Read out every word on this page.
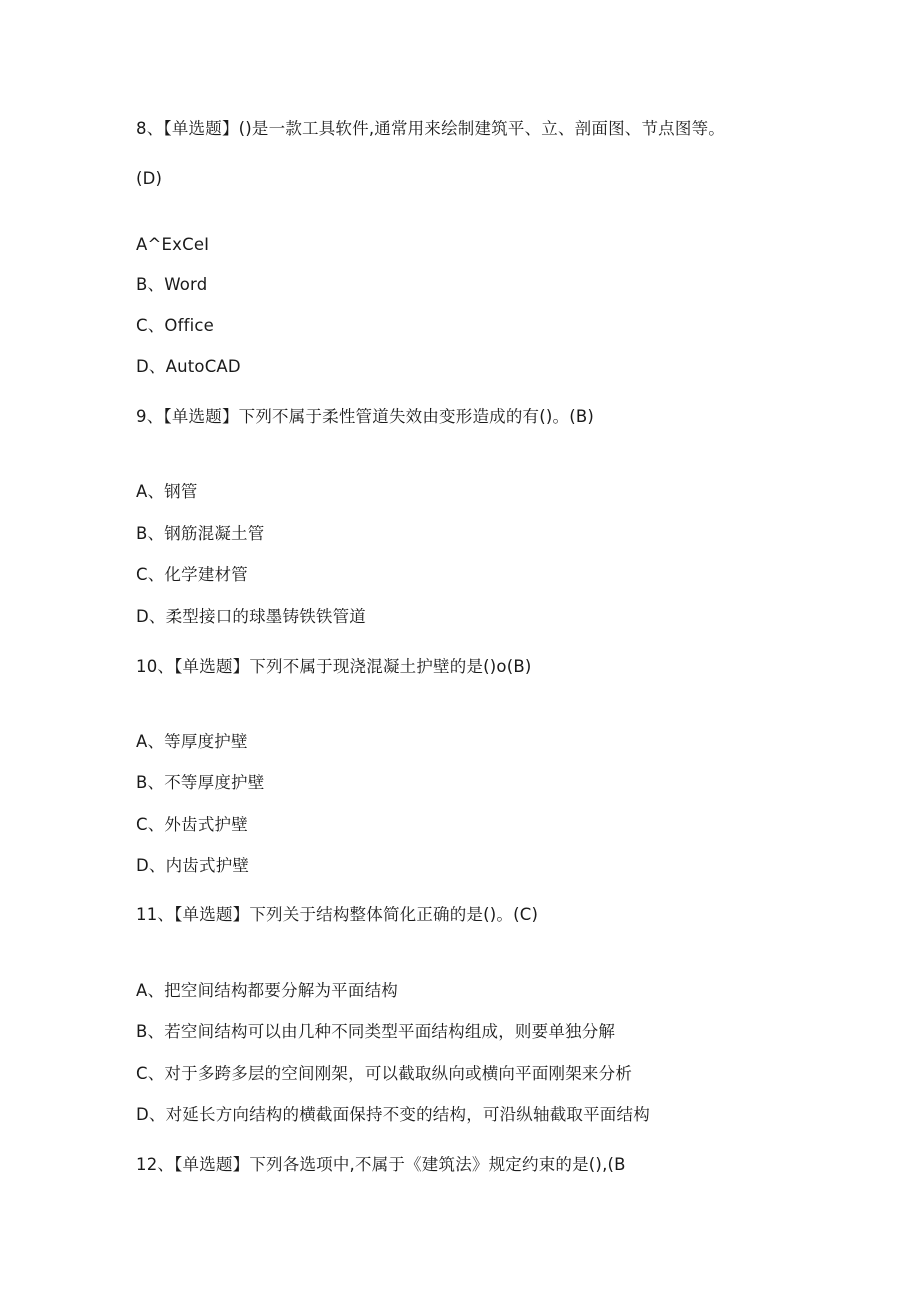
8、【单选题】()是一款工具软件,通常用来绘制建筑平、立、剖面图、节点图等。
(D)
A^ExCeI
B、Word
C、Office
D、AutoCAD
9、【单选题】下列不属于柔性管道失效由变形造成的有()。(B)
A、钢管
B、钢筋混凝土管
C、化学建材管
D、柔型接口的球墨铸铁铁管道
10、【单选题】下列不属于现浇混凝土护壁的是()o(B)
A、等厚度护壁
B、不等厚度护壁
C、外齿式护壁
D、内齿式护壁
11、【单选题】下列关于结构整体简化正确的是()。(C)
A、把空间结构都要分解为平面结构
B、若空间结构可以由几种不同类型平面结构组成，则要单独分解
C、对于多跨多层的空间刚架，可以截取纵向或横向平面刚架来分析
D、对延长方向结构的横截面保持不变的结构，可沿纵轴截取平面结构
12、【单选题】下列各选项中,不属于《建筑法》规定约束的是(),(B
